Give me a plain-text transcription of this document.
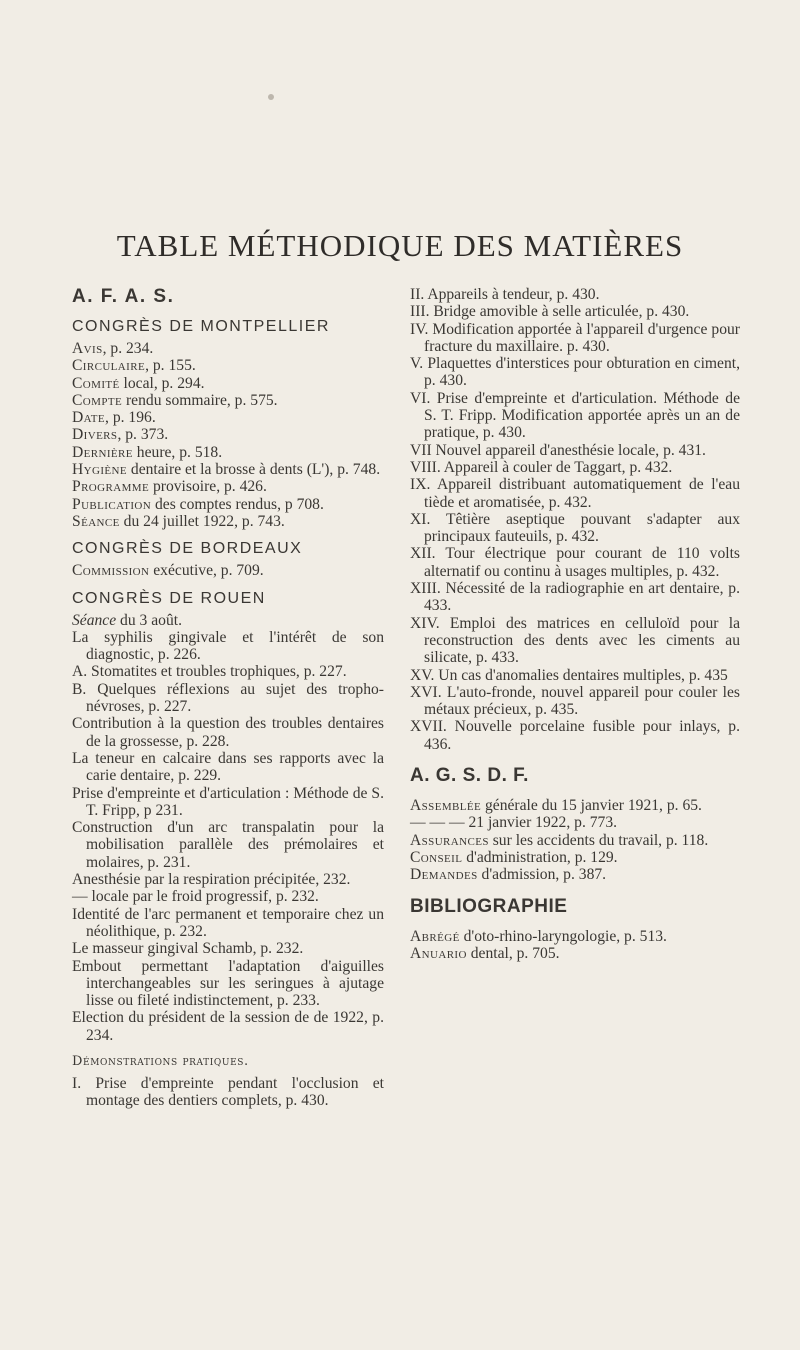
TABLE MÉTHODIQUE DES MATIÈRES
A. F. A. S.
CONGRÈS DE MONTPELLIER

Avis, p. 234.

Circulaire, p. 155.

Comité local, p. 294.

Compte rendu sommaire, p. 575.

Date, p. 196.

Divers, p. 373.

Dernière heure, p. 518.

Hygiène dentaire et la brosse à dents (L'), p. 748.

Programme provisoire, p. 426.

Publication des comptes rendus, p 708.

Séance du 24 juillet 1922, p. 743.

CONGRÈS DE BORDEAUX

Commission exécutive, p. 709.

CONGRÈS DE ROUEN

Séance du 3 août.

La syphilis gingivale et l'intérêt de son diagnostic, p. 226.

A. Stomatites et troubles trophiques, p. 227.

B. Quelques réflexions au sujet des tropho-névroses, p. 227.

Contribution à la question des troubles dentaires de la grossesse, p. 228.

La teneur en calcaire dans ses rapports avec la carie dentaire, p. 229.

Prise d'empreinte et d'articulation : Méthode de S. T. Fripp, p 231.

Construction d'un arc transpalatin pour la mobilisation parallèle des prémolaires et molaires, p. 231.

Anesthésie par la respiration précipitée, 232.

— locale par le froid progressif, p. 232.

Identité de l'arc permanent et temporaire chez un néolithique, p. 232.

Le masseur gingival Schamb, p. 232.

Embout permettant l'adaptation d'aiguilles interchangeables sur les seringues à ajutage lisse ou fileté indistinctement, p. 233.

Election du président de la session de de 1922, p. 234.

Démonstrations pratiques.

I. Prise d'empreinte pendant l'occlusion et montage des dentiers complets, p. 430.

II. Appareils à tendeur, p. 430.

III. Bridge amovible à selle articulée, p. 430.

IV. Modification apportée à l'appareil d'urgence pour fracture du maxillaire. p. 430.

V. Plaquettes d'interstices pour obturation en ciment, p. 430.

VI. Prise d'empreinte et d'articulation. Méthode de S. T. Fripp. Modification apportée après un an de pratique, p. 430.

VII Nouvel appareil d'anesthésie locale, p. 431.

VIII. Appareil à couler de Taggart, p. 432.

IX. Appareil distribuant automatiquement de l'eau tiède et aromatisée, p. 432.

XI. Têtière aseptique pouvant s'adapter aux principaux fauteuils, p. 432.

XII. Tour électrique pour courant de 110 volts alternatif ou continu à usages multiples, p. 432.

XIII. Nécessité de la radiographie en art dentaire, p. 433.

XIV. Emploi des matrices en celluloïd pour la reconstruction des dents avec les ciments au silicate, p. 433.

XV. Un cas d'anomalies dentaires multiples, p. 435

XVI. L'auto-fronde, nouvel appareil pour couler les métaux précieux, p. 435.

XVII. Nouvelle porcelaine fusible pour inlays, p. 436.

A. G. S. D. F.

Assemblée générale du 15 janvier 1921, p. 65.

— — — 21 janvier 1922, p. 773.

Assurances sur les accidents du travail, p. 118.

Conseil d'administration, p. 129.

Demandes d'admission, p. 387.

BIBLIOGRAPHIE

Abrégé d'oto-rhino-laryngologie, p. 513.

Anuario dental, p. 705.
